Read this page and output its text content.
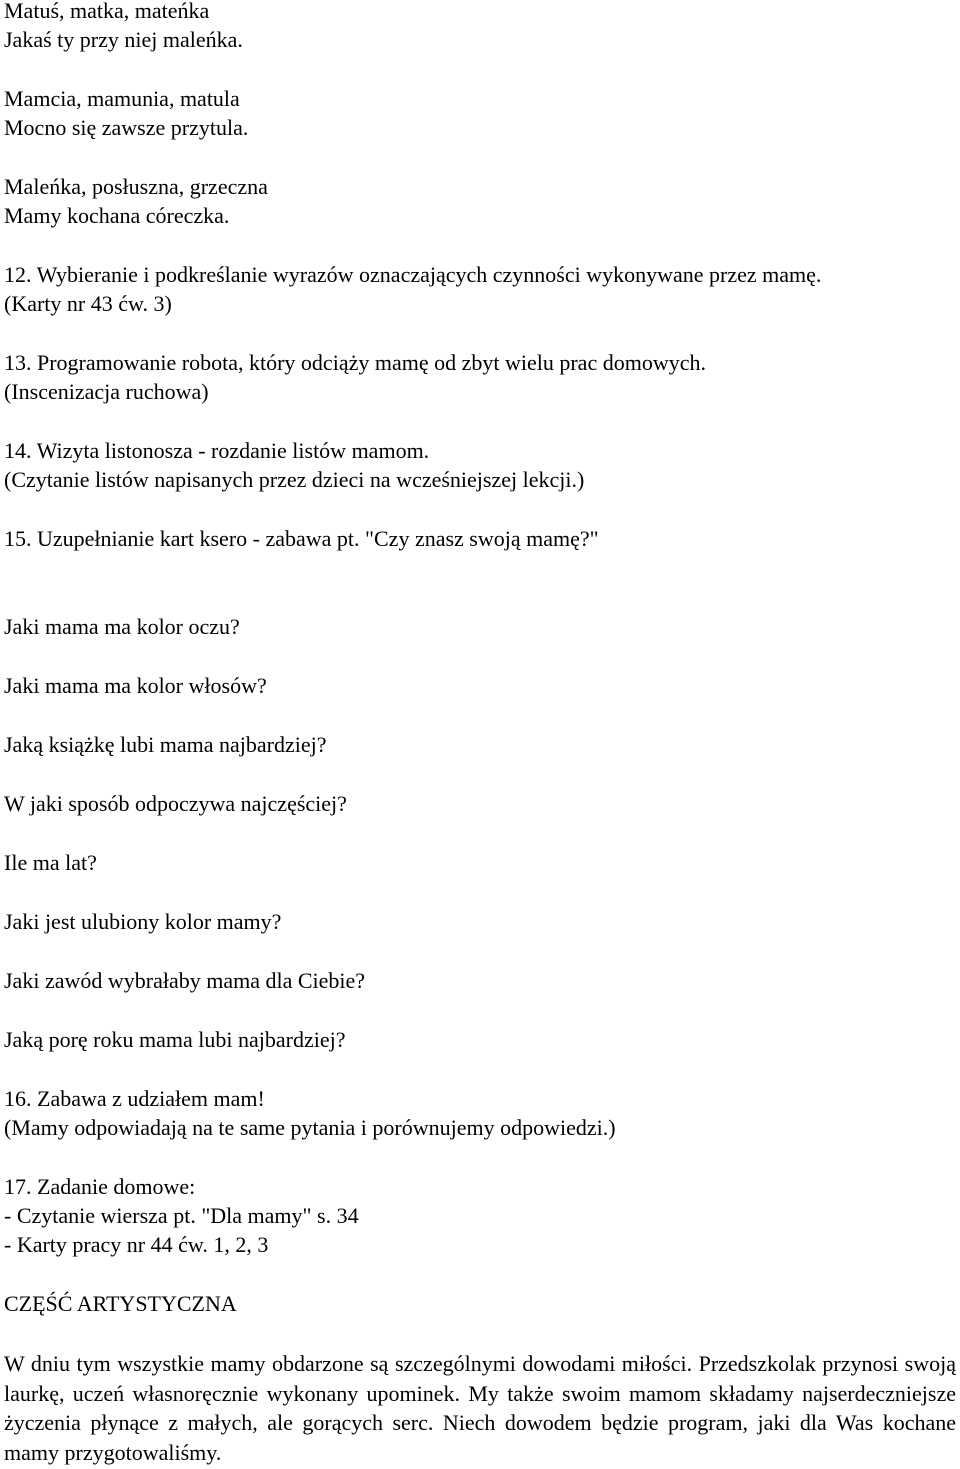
Matuś, matka, mateńka
Jakaś ty przy niej maleńka.
Mamcia, mamunia, matula
Mocno się zawsze przytula.
Maleńka, posłuszna, grzeczna
Mamy kochana córeczka.
12. Wybieranie i podkreślanie wyrazów oznaczających czynności wykonywane przez mamę.
(Karty nr 43 ćw. 3)
13. Programowanie robota, który odciąży mamę od zbyt wielu prac domowych.
(Inscenizacja ruchowa)
14. Wizyta listonosza - rozdanie listów mamom.
(Czytanie listów napisanych przez dzieci na wcześniejszej lekcji.)
15. Uzupełnianie kart ksero - zabawa pt. "Czy znasz swoją mamę?"
Jaki mama ma kolor oczu?
Jaki mama ma kolor włosów?
Jaką książkę lubi mama najbardziej?
W jaki sposób odpoczywa najczęściej?
Ile ma lat?
Jaki jest ulubiony kolor mamy?
Jaki zawód wybrałaby mama dla Ciebie?
Jaką porę roku mama lubi najbardziej?
16. Zabawa z udziałem mam!
(Mamy odpowiadają na te same pytania i porównujemy odpowiedzi.)
17. Zadanie domowe:
- Czytanie wiersza pt. "Dla mamy" s. 34
- Karty pracy nr 44 ćw. 1, 2, 3
CZĘŚĆ ARTYSTYCZNA
W dniu tym wszystkie mamy obdarzone są szczególnymi dowodami miłości. Przedszkolak przynosi swoją laurkę, uczeń własnoręcznie wykonany upominek. My także swoim mamom składamy najserdeczniejsze życzenia płynące z małych, ale gorących serc. Niech dowodem będzie program, jaki dla Was kochane mamy przygotowaliśmy.
